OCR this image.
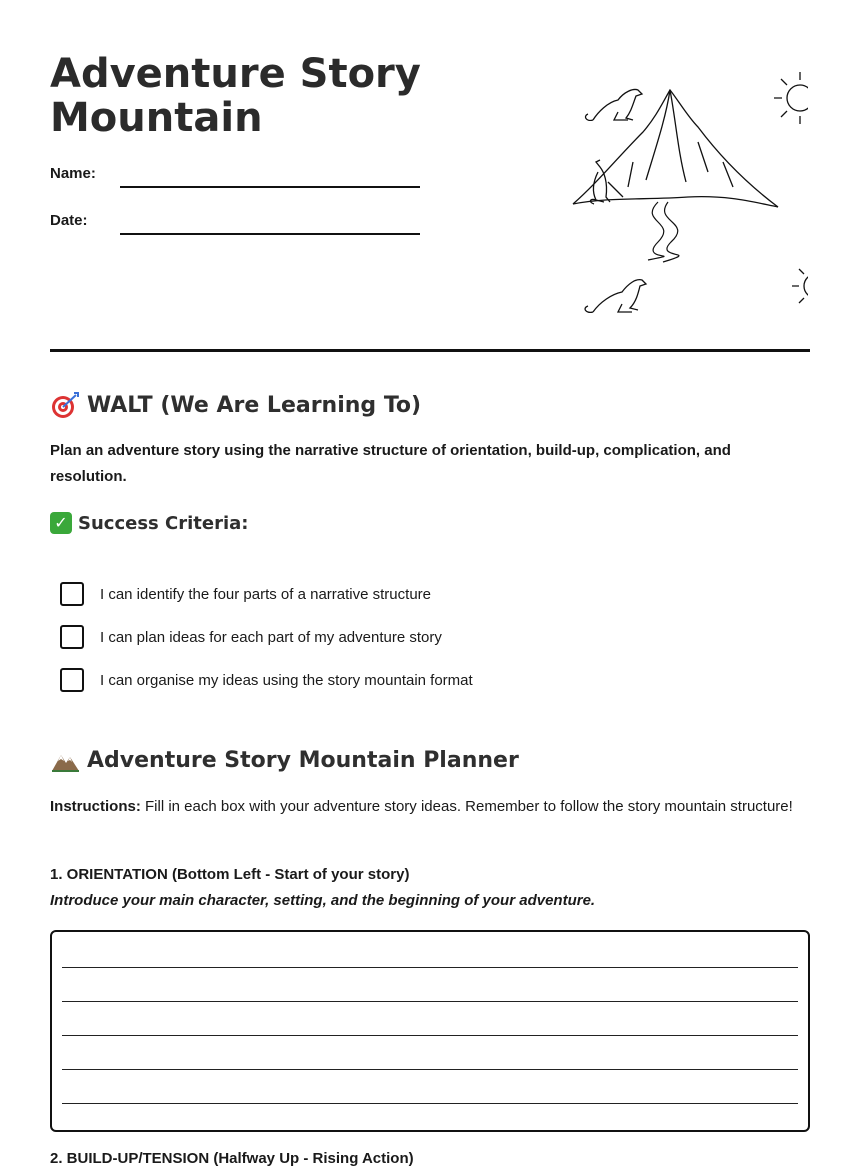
Adventure Story Mountain
Name:
Date:
WALT (We Are Learning To)

Plan an adventure story using the narrative structure of orientation, build-up, complication, and resolution.

✓ Success Criteria:
I can identify the four parts of a narrative structure
I can plan ideas for each part of my adventure story
I can organise my ideas using the story mountain format
Adventure Story Mountain Planner

Instructions: Fill in each box with your adventure story ideas. Remember to follow the story mountain structure!

1. ORIENTATION (Bottom Left - Start of your story)

Introduce your main character, setting, and the beginning of your adventure.

2. BUILD-UP/TENSION (Halfway Up - Rising Action)
